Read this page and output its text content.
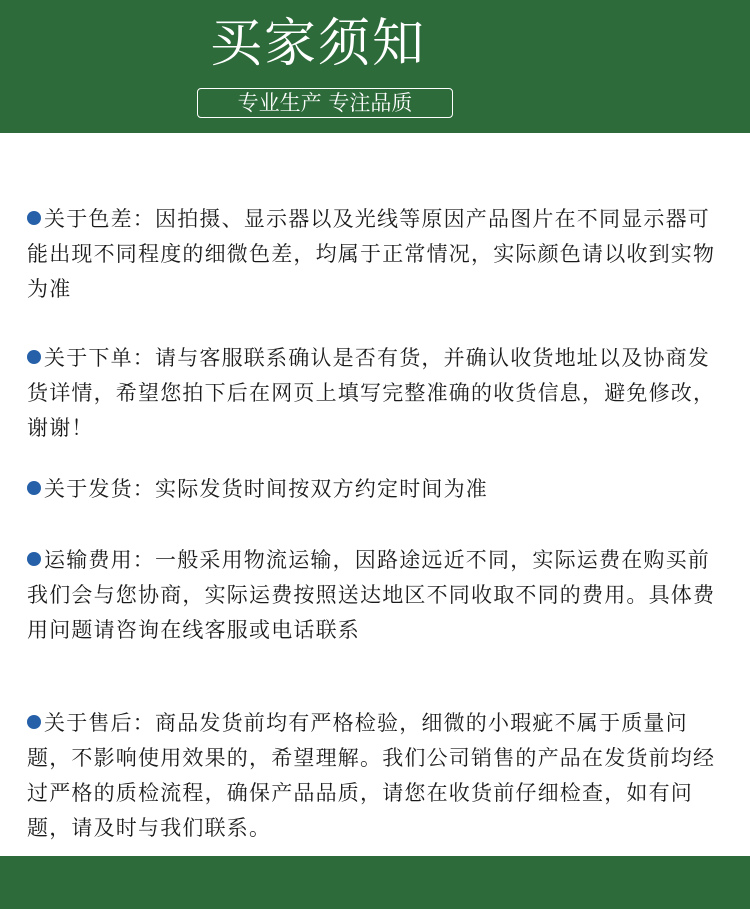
买家须知
专业生产 专注品质
关于色差：因拍摄、显示器以及光线等原因产品图片在不同显示器可能出现不同程度的细微色差，均属于正常情况，实际颜色请以收到实物为准
关于下单：请与客服联系确认是否有货，并确认收货地址以及协商发货详情，希望您拍下后在网页上填写完整准确的收货信息，避免修改，谢谢！
关于发货：实际发货时间按双方约定时间为准
运输费用：一般采用物流运输，因路途远近不同，实际运费在购买前我们会与您协商，实际运费按照送达地区不同收取不同的费用。具体费用问题请咨询在线客服或电话联系
关于售后：商品发货前均有严格检验，细微的小瑕疵不属于质量问题，不影响使用效果的，希望理解。我们公司销售的产品在发货前均经过严格的质检流程，确保产品品质，请您在收货前仔细检查，如有问题，请及时与我们联系。
